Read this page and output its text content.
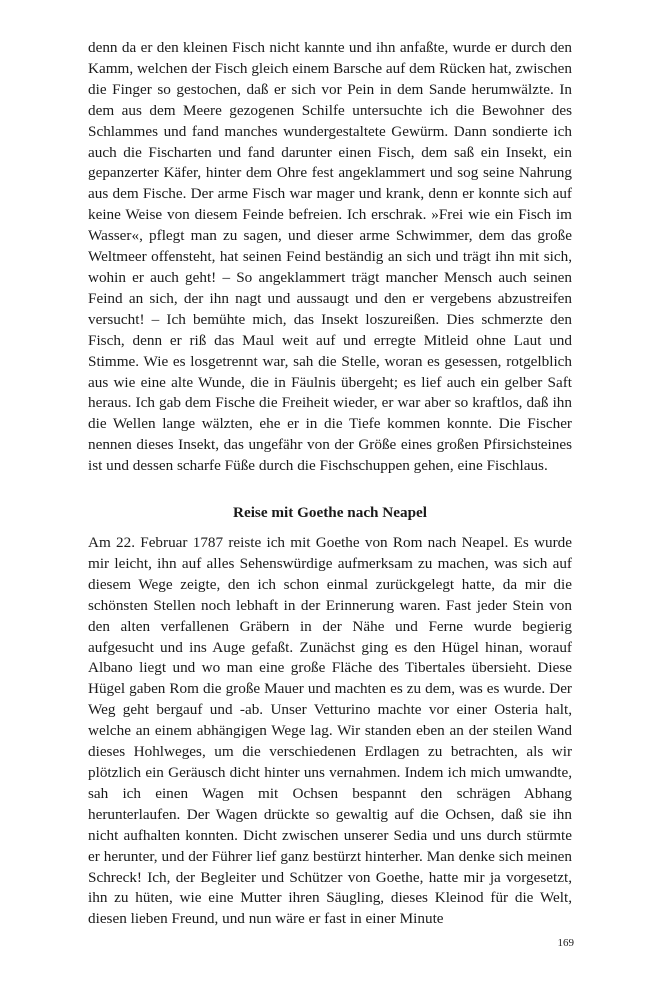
denn da er den kleinen Fisch nicht kannte und ihn anfaßte, wurde er durch den Kamm, welchen der Fisch gleich einem Barsche auf dem Rücken hat, zwischen die Finger so gestochen, daß er sich vor Pein in dem Sande herumwälzte. In dem aus dem Meere gezogenen Schilfe untersuchte ich die Bewohner des Schlammes und fand manches wundergestaltete Gewürm. Dann sondierte ich auch die Fischarten und fand darunter einen Fisch, dem saß ein Insekt, ein gepanzerter Käfer, hinter dem Ohre fest angeklammert und sog seine Nahrung aus dem Fische. Der arme Fisch war mager und krank, denn er konnte sich auf keine Weise von diesem Feinde befreien. Ich erschrak. »Frei wie ein Fisch im Wasser«, pflegt man zu sagen, und dieser arme Schwimmer, dem das große Weltmeer offensteht, hat seinen Feind beständig an sich und trägt ihn mit sich, wohin er auch geht! – So angeklammert trägt mancher Mensch auch seinen Feind an sich, der ihn nagt und aussaugt und den er vergebens abzustreifen versucht! – Ich bemühte mich, das Insekt loszureißen. Dies schmerzte den Fisch, denn er riß das Maul weit auf und erregte Mitleid ohne Laut und Stimme. Wie es losgetrennt war, sah die Stelle, woran es gesessen, rotgelblich aus wie eine alte Wunde, die in Fäulnis übergeht; es lief auch ein gelber Saft heraus. Ich gab dem Fische die Freiheit wieder, er war aber so kraftlos, daß ihn die Wellen lange wälzten, ehe er in die Tiefe kommen konnte. Die Fischer nennen dieses Insekt, das ungefähr von der Größe eines großen Pfirsichsteines ist und dessen scharfe Füße durch die Fischschuppen gehen, eine Fischlaus.

Reise mit Goethe nach Neapel

Am 22. Februar 1787 reiste ich mit Goethe von Rom nach Neapel. Es wurde mir leicht, ihn auf alles Sehenswürdige aufmerksam zu machen, was sich auf diesem Wege zeigte, den ich schon einmal zurückgelegt hatte, da mir die schönsten Stellen noch lebhaft in der Erinnerung waren. Fast jeder Stein von den alten verfallenen Gräbern in der Nähe und Ferne wurde begierig aufgesucht und ins Auge gefaßt. Zunächst ging es den Hügel hinan, worauf Albano liegt und wo man eine große Fläche des Tibertales übersieht. Diese Hügel gaben Rom die große Mauer und machten es zu dem, was es wurde. Der Weg geht bergauf und -ab. Unser Vetturino machte vor einer Osteria halt, welche an einem abhängigen Wege lag. Wir standen eben an der steilen Wand dieses Hohlweges, um die verschiedenen Erdlagen zu betrachten, als wir plötzlich ein Geräusch dicht hinter uns vernahmen. Indem ich mich umwandte, sah ich einen Wagen mit Ochsen bespannt den schrägen Abhang herunterlaufen. Der Wagen drückte so gewaltig auf die Ochsen, daß sie ihn nicht aufhalten konnten. Dicht zwischen unserer Sedia und uns durch stürmte er herunter, und der Führer lief ganz bestürzt hinterher. Man denke sich meinen Schreck! Ich, der Begleiter und Schützer von Goethe, hatte mir ja vorgesetzt, ihn zu hüten, wie eine Mutter ihren Säugling, dieses Kleinod für die Welt, diesen lieben Freund, und nun wäre er fast in einer Minute

169
